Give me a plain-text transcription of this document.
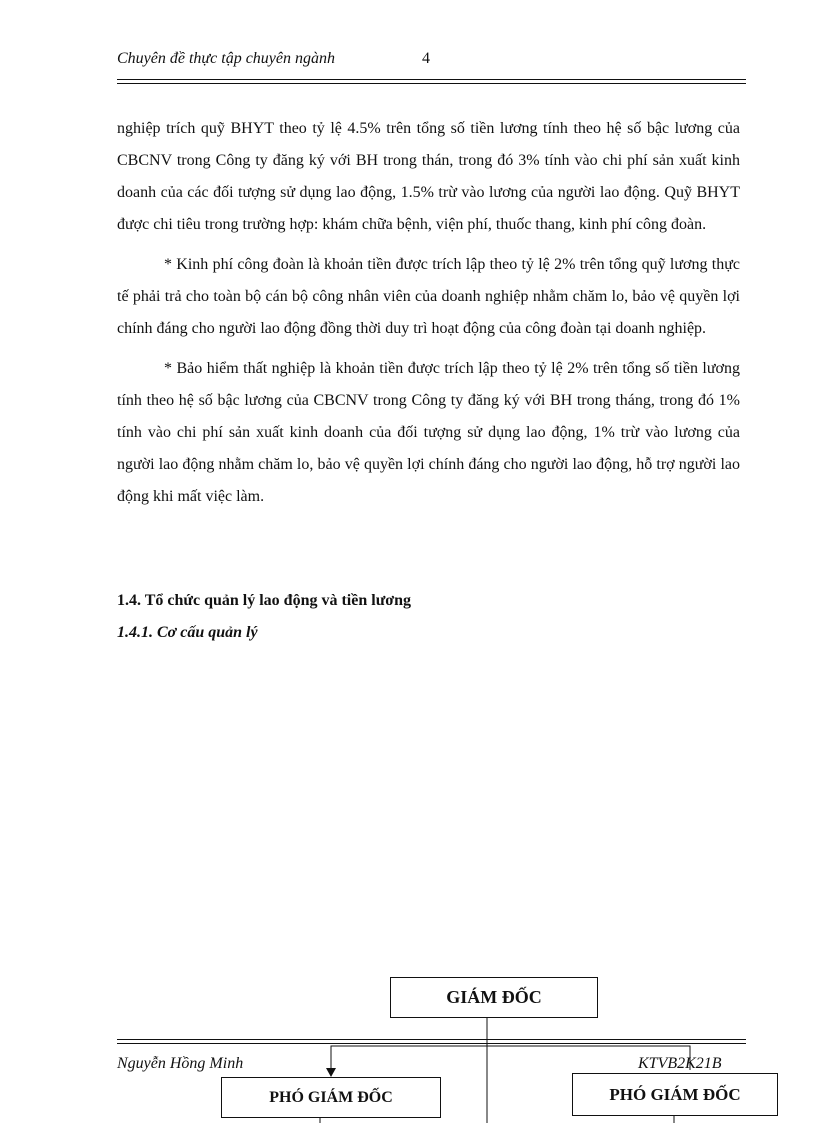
Chuyên đề thực tập chuyên ngành	4

nghiệp trích quỹ BHYT theo tỷ lệ 4.5% trên tổng số tiền lương tính theo hệ số bậc lương của CBCNV trong Công ty đăng ký với BH trong thán, trong đó 3% tính vào chi phí sản xuất kinh doanh của các đối tượng sử dụng lao động, 1.5% trừ vào lương của người lao động. Quỹ BHYT được chi tiêu trong trường hợp: khám chữa bệnh, viện phí, thuốc thang, kinh phí công đoàn.

* Kinh phí công đoàn là khoản tiền được trích lập theo tỷ lệ 2% trên tổng quỹ lương thực tế phải trả cho toàn bộ cán bộ công nhân viên của doanh nghiệp nhằm chăm lo, bảo vệ quyền lợi chính đáng cho người lao động đồng thời duy trì hoạt động của công đoàn tại doanh nghiệp.

* Bảo hiểm thất nghiệp là khoản tiền được trích lập theo tỷ lệ 2% trên tổng số tiền lương tính theo hệ số bậc lương của CBCNV trong Công ty đăng ký với BH trong tháng, trong đó 1% tính vào chi phí sản xuất kinh doanh của đối tượng sử dụng lao động, 1% trừ vào lương của người lao động nhằm chăm lo, bảo vệ quyền lợi chính đáng cho người lao động, hỗ trợ người lao động khi mất việc làm.

1.4. Tổ chức quản lý lao động và tiền lương
1.4.1. Cơ cấu quản lý
GIÁM ĐỐC
PHÓ GIÁM ĐỐC	PHÓ GIÁM ĐỐC
Nguyễn Hồng Minh	KTVB2K21B
